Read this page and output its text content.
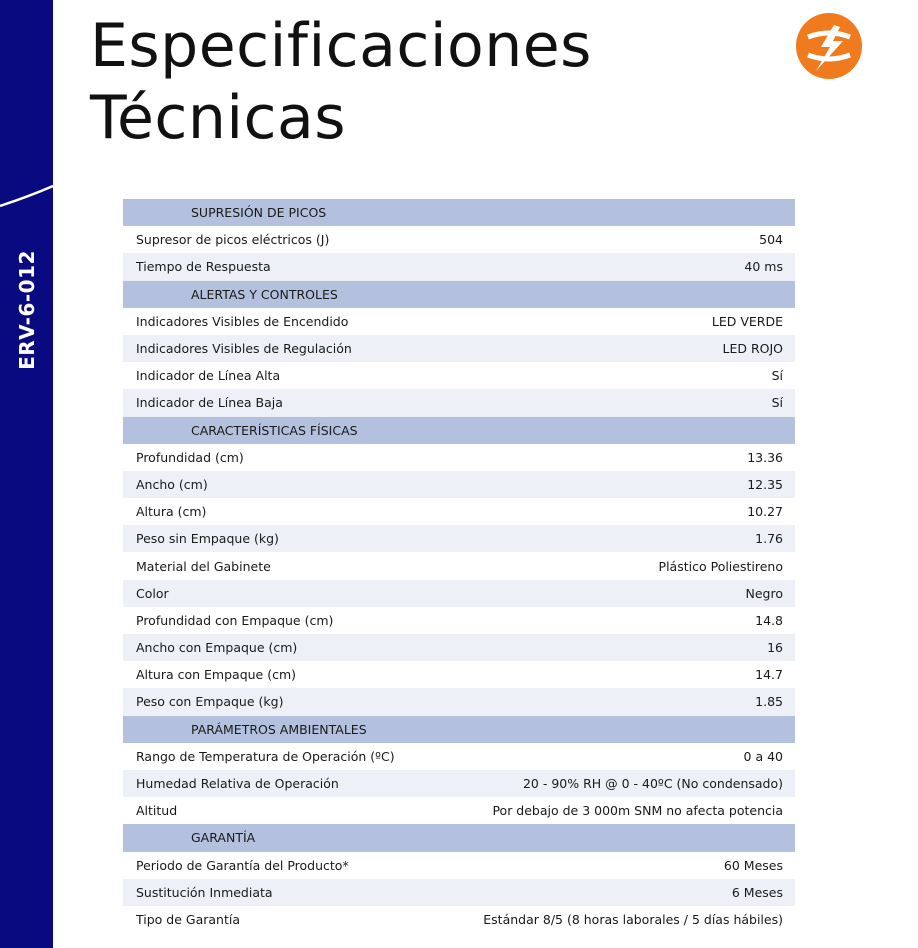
ERV-6-012
Especificaciones
Técnicas
SUPRESIÓN DE PICOS
Supresor de picos eléctricos (J)	504
Tiempo de Respuesta	40 ms
ALERTAS Y CONTROLES
Indicadores Visibles de Encendido	LED VERDE
Indicadores Visibles de Regulación	LED ROJO
Indicador de Línea Alta	Sí
Indicador de Línea Baja	Sí
CARACTERÍSTICAS FÍSICAS
Profundidad (cm)	13.36
Ancho (cm)	12.35
Altura (cm)	10.27
Peso sin Empaque (kg)	1.76
Material del Gabinete	Plástico Poliestireno
Color	Negro
Profundidad con Empaque (cm)	14.8
Ancho con Empaque (cm)	16
Altura con Empaque (cm)	14.7
Peso con Empaque (kg)	1.85
PARÁMETROS AMBIENTALES
Rango de Temperatura de Operación (ºC)	0 a 40
Humedad Relativa de Operación	20 - 90% RH @ 0 - 40ºC (No condensado)
Altitud	Por debajo de 3 000m SNM no afecta potencia
GARANTÍA
Periodo de Garantía del Producto*	60 Meses
Sustitución Inmediata	6 Meses
Tipo de Garantía	Estándar 8/5 (8 horas laborales / 5 días hábiles)
